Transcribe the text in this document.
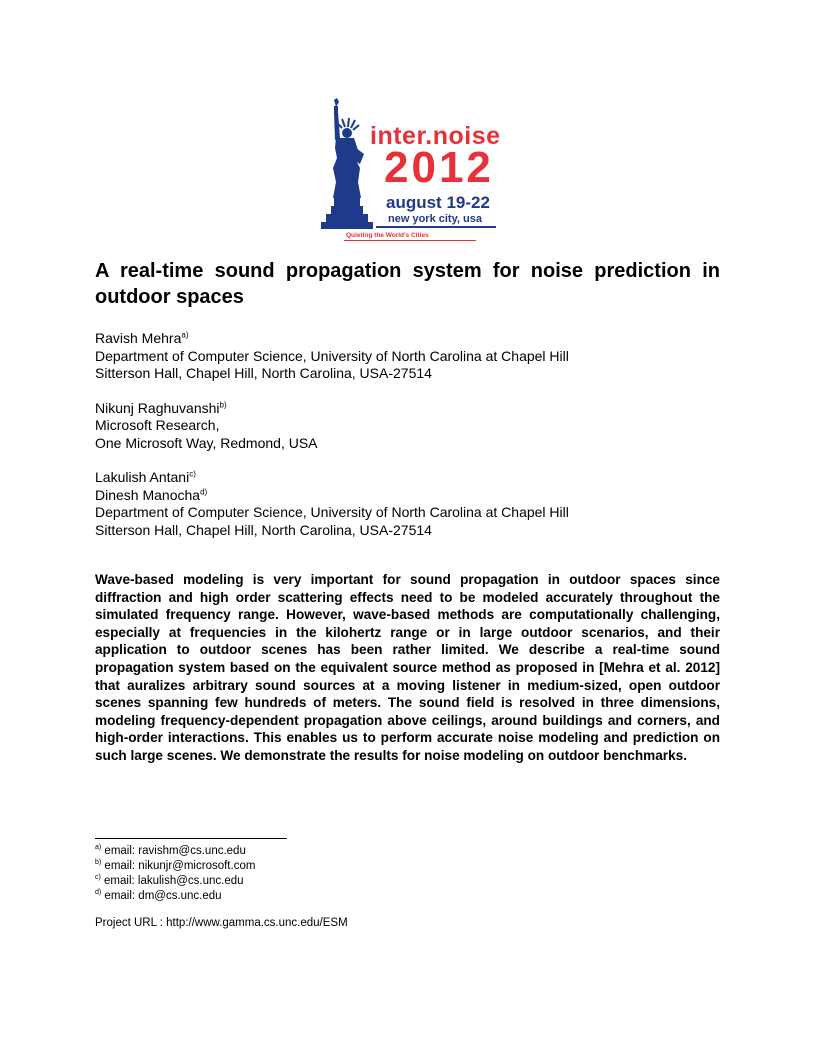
inter.noise
2012
august 19-22
new york city, usa
Quieting the World's Cities
A real-time sound propagation system for noise prediction in outdoor spaces
Ravish Mehra$^{a)}$
Department of Computer Science, University of North Carolina at Chapel Hill
Sitterson Hall, Chapel Hill, North Carolina, USA-27514
Nikunj Raghuvanshi$^{b)}$
Microsoft Research,
One Microsoft Way, Redmond, USA
Lakulish Antani$^{c)}$
Dinesh Manocha$^{d)}$
Department of Computer Science, University of North Carolina at Chapel Hill
Sitterson Hall, Chapel Hill, North Carolina, USA-27514

Wave-based modeling is very important for sound propagation in outdoor spaces since diffraction and high order scattering effects need to be modeled accurately throughout the simulated frequency range. However, wave-based methods are computationally challenging, especially at frequencies in the kilohertz range or in large outdoor scenarios, and their application to outdoor scenes has been rather limited. We describe a real-time sound propagation system based on the equivalent source method as proposed in [Mehra et al. 2012] that auralizes arbitrary sound sources at a moving listener in medium-sized, open outdoor scenes spanning few hundreds of meters. The sound field is resolved in three dimensions, modeling frequency-dependent propagation above ceilings, around buildings and corners, and high-order interactions. This enables us to perform accurate noise modeling and prediction on such large scenes. We demonstrate the results for noise modeling on outdoor benchmarks.

$^{a)}$ email: ravishm@cs.unc.edu
$^{b)}$ email: nikunjr@microsoft.com
$^{c)}$ email: lakulish@cs.unc.edu
$^{d)}$ email: dm@cs.unc.edu
Project URL : http://www.gamma.cs.unc.edu/ESM
